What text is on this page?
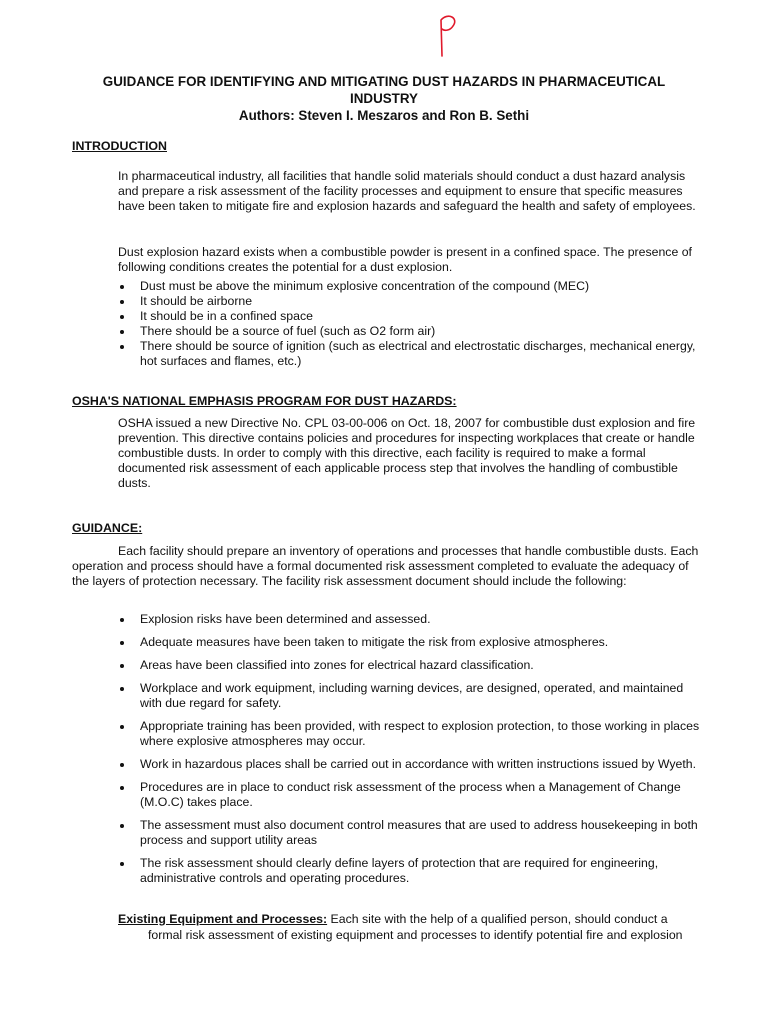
GUIDANCE FOR IDENTIFYING AND MITIGATING DUST HAZARDS IN PHARMACEUTICAL
INDUSTRY
Authors: Steven I. Meszaros and Ron B. Sethi
INTRODUCTION

In pharmaceutical industry, all facilities that handle solid materials should conduct a dust hazard analysis and prepare a risk assessment of the facility processes and equipment to ensure that specific measures have been taken to mitigate fire and explosion hazards and safeguard the health and safety of employees.

Dust explosion hazard exists when a combustible powder is present in a confined space. The presence of following conditions creates the potential for a dust explosion.

Dust must be above the minimum explosive concentration of the compound (MEC)
It should be airborne
It should be in a confined space
There should be a source of fuel (such as O2 form air)
There should be source of ignition (such as electrical and electrostatic discharges, mechanical energy, hot surfaces and flames, etc.)
OSHA'S NATIONAL EMPHASIS PROGRAM FOR DUST HAZARDS:

OSHA issued a new Directive No. CPL 03-00-006 on Oct. 18, 2007 for combustible dust explosion and fire prevention. This directive contains policies and procedures for inspecting workplaces that create or handle combustible dusts. In order to comply with this directive, each facility is required to make a formal documented risk assessment of each applicable process step that involves the handling of combustible dusts.

GUIDANCE:

Each facility should prepare an inventory of operations and processes that handle combustible dusts. Each operation and process should have a formal documented risk assessment completed to evaluate the adequacy of the layers of protection necessary. The facility risk assessment document should include the following:

Explosion risks have been determined and assessed.
Adequate measures have been taken to mitigate the risk from explosive atmospheres.
Areas have been classified into zones for electrical hazard classification.
Workplace and work equipment, including warning devices, are designed, operated, and maintained with due regard for safety.
Appropriate training has been provided, with respect to explosion protection, to those working in places where explosive atmospheres may occur.
Work in hazardous places shall be carried out in accordance with written instructions issued by Wyeth.
Procedures are in place to conduct risk assessment of the process when a Management of Change (M.O.C) takes place.
The assessment must also document control measures that are used to address housekeeping in both process and support utility areas
The risk assessment should clearly define layers of protection that are required for engineering, administrative controls and operating procedures.
Existing Equipment and Processes: Each site with the help of a qualified person, should conduct a
formal risk assessment of existing equipment and processes to identify potential fire and explosion
